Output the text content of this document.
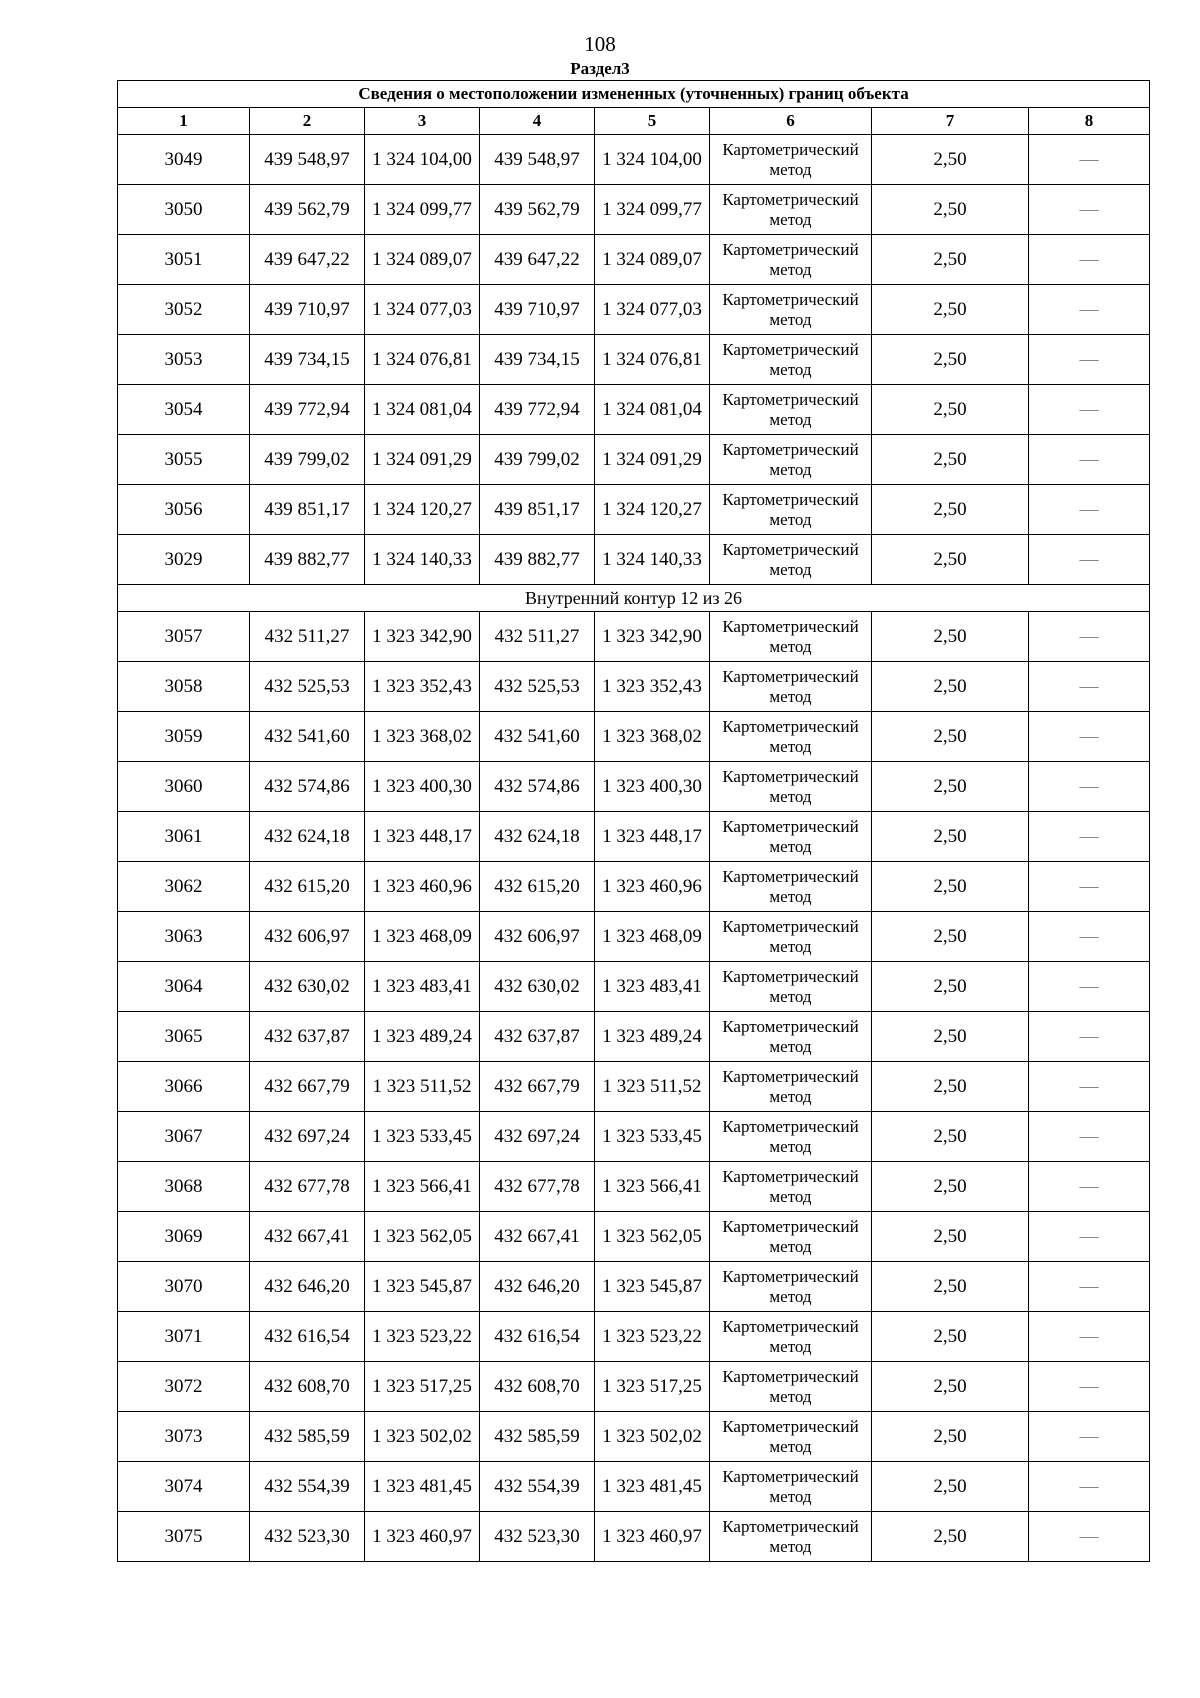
108
Раздел3
Сведения о местоположении измененных (уточненных) границ объекта							
1	2	3	4	5	6	7	8
3049	439 548,97	1 324 104,00	439 548,97	1 324 104,00	Картометрический метод	2,50	—
3050	439 562,79	1 324 099,77	439 562,79	1 324 099,77	Картометрический метод	2,50	—
3051	439 647,22	1 324 089,07	439 647,22	1 324 089,07	Картометрический метод	2,50	—
3052	439 710,97	1 324 077,03	439 710,97	1 324 077,03	Картометрический метод	2,50	—
3053	439 734,15	1 324 076,81	439 734,15	1 324 076,81	Картометрический метод	2,50	—
3054	439 772,94	1 324 081,04	439 772,94	1 324 081,04	Картометрический метод	2,50	—
3055	439 799,02	1 324 091,29	439 799,02	1 324 091,29	Картометрический метод	2,50	—
3056	439 851,17	1 324 120,27	439 851,17	1 324 120,27	Картометрический метод	2,50	—
3029	439 882,77	1 324 140,33	439 882,77	1 324 140,33	Картометрический метод	2,50	—
Внутренний контур 12 из 26							
3057	432 511,27	1 323 342,90	432 511,27	1 323 342,90	Картометрический метод	2,50	—
3058	432 525,53	1 323 352,43	432 525,53	1 323 352,43	Картометрический метод	2,50	—
3059	432 541,60	1 323 368,02	432 541,60	1 323 368,02	Картометрический метод	2,50	—
3060	432 574,86	1 323 400,30	432 574,86	1 323 400,30	Картометрический метод	2,50	—
3061	432 624,18	1 323 448,17	432 624,18	1 323 448,17	Картометрический метод	2,50	—
3062	432 615,20	1 323 460,96	432 615,20	1 323 460,96	Картометрический метод	2,50	—
3063	432 606,97	1 323 468,09	432 606,97	1 323 468,09	Картометрический метод	2,50	—
3064	432 630,02	1 323 483,41	432 630,02	1 323 483,41	Картометрический метод	2,50	—
3065	432 637,87	1 323 489,24	432 637,87	1 323 489,24	Картометрический метод	2,50	—
3066	432 667,79	1 323 511,52	432 667,79	1 323 511,52	Картометрический метод	2,50	—
3067	432 697,24	1 323 533,45	432 697,24	1 323 533,45	Картометрический метод	2,50	—
3068	432 677,78	1 323 566,41	432 677,78	1 323 566,41	Картометрический метод	2,50	—
3069	432 667,41	1 323 562,05	432 667,41	1 323 562,05	Картометрический метод	2,50	—
3070	432 646,20	1 323 545,87	432 646,20	1 323 545,87	Картометрический метод	2,50	—
3071	432 616,54	1 323 523,22	432 616,54	1 323 523,22	Картометрический метод	2,50	—
3072	432 608,70	1 323 517,25	432 608,70	1 323 517,25	Картометрический метод	2,50	—
3073	432 585,59	1 323 502,02	432 585,59	1 323 502,02	Картометрический метод	2,50	—
3074	432 554,39	1 323 481,45	432 554,39	1 323 481,45	Картометрический метод	2,50	—
3075	432 523,30	1 323 460,97	432 523,30	1 323 460,97	Картометрический метод	2,50	—
